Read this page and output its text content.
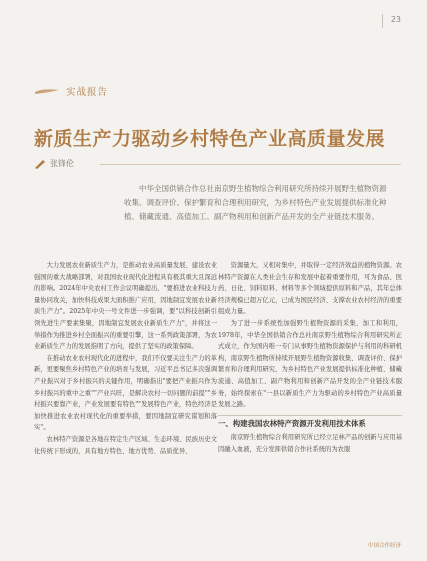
23
实战报告
新质生产力驱动乡村特色产业高质量发展
张锋伦
中华全国供销合作总社南京野生植物综合利用研究所持续开展野生植物资源收集、调查评价、保护繁育和合理利用研究，为乡村特色产业发展提供标准化种植、储藏流通、高值加工、副产物利用和创新产品开发的全产业链技术服务。

大力发展农业新质生产力，是推动农业高质量发展、建设农业强国的重大战略部署，对我国农业现代化进程具有极其重大且深远的影响。2024年中央农村工作会议明确提出，"要推进农业科技力量协同攻关，加快科技成果大面积推广应用，因地制宜发展农业新质生产力"。2025年中央一号文件进一步强调，要"以科技创新引领先进生产要素集聚，因地制宜发展农业新质生产力"，并将这一举措作为推进乡村全面振兴的重要引擎，这一系列政策部署，为农业新质生产力的发展指明了方向，提供了坚实的政策保障。

在推动农业农村现代化的进程中，我们不仅要关注生产力的革新，更要聚焦乡村特色产业的培育与发展，习近平总书记多次强调产业振兴对于乡村振兴的关键作用，明确指出"要把产业振兴作为乡村振兴的重中之重""产业兴旺，是解决农村一切问题的前提""乡村振兴要靠产业，产业发展要有特色""发展特色产业，特色经济是加快推进农业农村现代化的重要举措，要因地制宜研究谋划和落实"。

农林特产资源是各地在特定生产区域、生态环境、民族历史文化传统下形成的，具有地方特色、地方优势、品质优异、

资源量大，又相对集中，并取得一定经济效益的植物资源。农林特产资源在人类社会生存和发展中起着重要作用，可为食品、医药、日化、饲料原料、材料等多个领域提供原料和产品，其年总体经济规模已超万亿元，已成为国民经济、支撑农业农村经济的重要组成力量。

为了进一步系统性加强野生植物资源的采集、加工和利用，1978年，中华全国供销合作总社南京野生植物综合利用研究所正式成立，作为国内唯一专门从事野生植物资源保护与利用的科研机构，南京野生植物所持续开展野生植物资源收集、调查评价、保护繁育和合理利用研究，为乡村特色产业发展提供标准化种植、储藏流通、高值加工、副产物利用和创新产品开发的全产业链技术服务，始终探索在"一县以新质生产力为驱动的乡村特色产业高质量发展之路。

一、构建我国农林特产资源开发利用技术体系

南京野生植物综合利用研究所已经立足林产品的创新与应用基因融入血液，充分发挥供销合作社系统的为农服

中国合作经济
